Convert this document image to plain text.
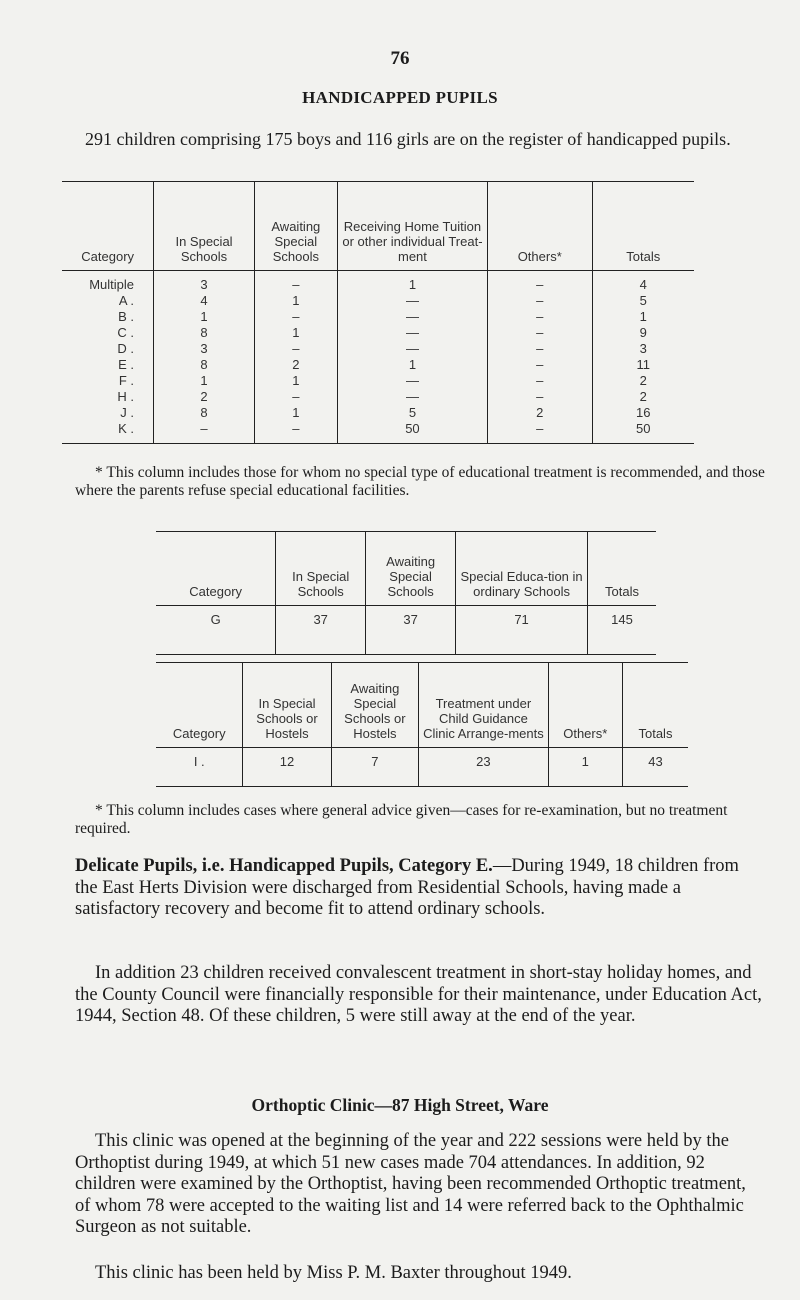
76
HANDICAPPED PUPILS
291 children comprising 175 boys and 116 girls are on the register of handicapped pupils.
Category	In Special Schools	Awaiting Special Schools	Receiving Home Tuition or other individual Treat-ment	Others*	Totals
Multiple	3	–	1	–	4
A .	4	1	—	–	5
B .	1	–	—	–	1
C .	8	1	—	–	9
D .	3	–	—	–	3
E .	8	2	1	–	11
F .	1	1	—	–	2
H .	2	–	—	–	2
J .	8	1	5	2	16
K .	–	–	50	–	50
* This column includes those for whom no special type of educational treatment is recommended, and those where the parents refuse special educational facilities.
Category	In Special Schools	Awaiting Special Schools	Special Educa-tion in ordinary Schools	Totals
G	37	37	71	145
Category	In Special Schools or Hostels	Awaiting Special Schools or Hostels	Treatment under Child Guidance Clinic Arrange-ments	Others*	Totals
I .	12	7	23	1	43
* This column includes cases where general advice given—cases for re-examination, but no treatment required.
Delicate Pupils, i.e. Handicapped Pupils, Category E.—During 1949, 18 children from the East Herts Division were discharged from Residential Schools, having made a satisfactory recovery and become fit to attend ordinary schools.
In addition 23 children received convalescent treatment in short-stay holiday homes, and the County Council were financially responsible for their maintenance, under Education Act, 1944, Section 48. Of these children, 5 were still away at the end of the year.
Orthoptic Clinic—87 High Street, Ware
This clinic was opened at the beginning of the year and 222 sessions were held by the Orthoptist during 1949, at which 51 new cases made 704 attendances. In addition, 92 children were examined by the Orthoptist, having been recommended Orthoptic treatment, of whom 78 were accepted to the waiting list and 14 were referred back to the Ophthalmic Surgeon as not suitable.
This clinic has been held by Miss P. M. Baxter throughout 1949.
